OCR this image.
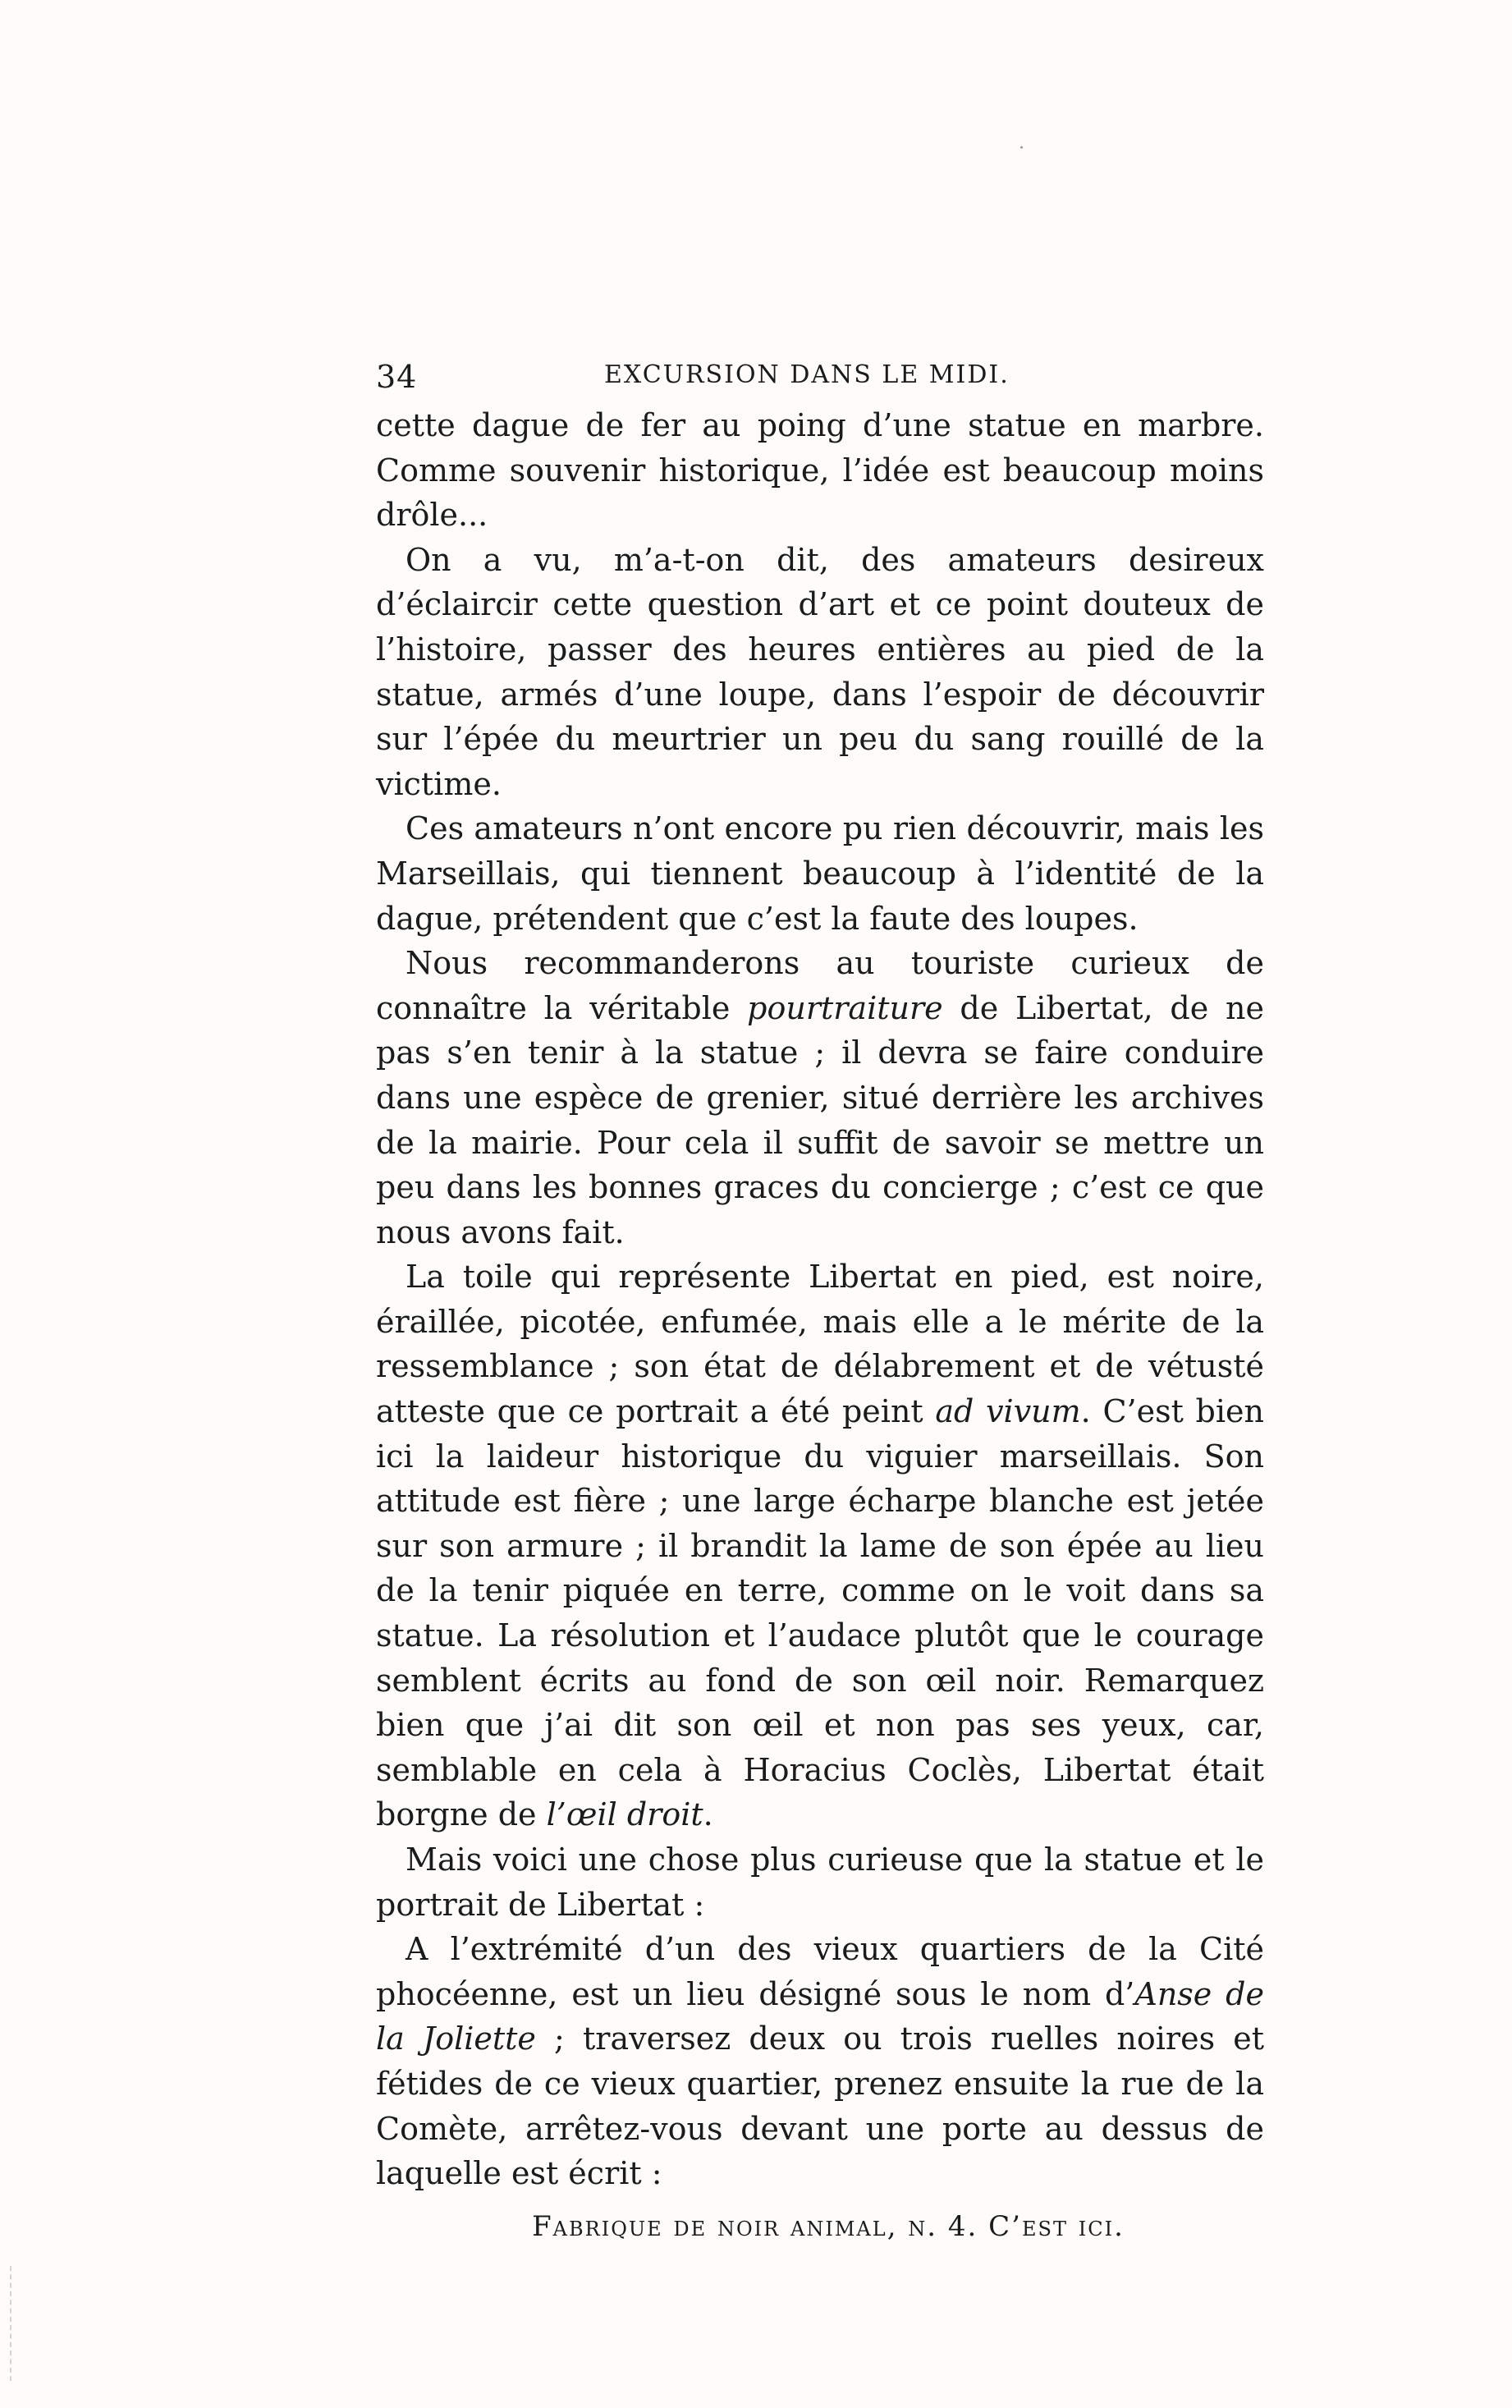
34	EXCURSION DANS LE MIDI.

cette dague de fer au poing d’une statue en marbre. Comme souvenir historique, l’idée est beaucoup moins drôle...

On a vu, m’a-t-on dit, des amateurs desireux d’éclaircir cette question d’art et ce point douteux de l’histoire, passer des heures entières au pied de la statue, armés d’une loupe, dans l’espoir de découvrir sur l’épée du meurtrier un peu du sang rouillé de la victime.

Ces amateurs n’ont encore pu rien découvrir, mais les Marseillais, qui tiennent beaucoup à l’identité de la dague, prétendent que c’est la faute des loupes.

Nous recommanderons au touriste curieux de connaître la véritable pourtraiture de Libertat, de ne pas s’en tenir à la statue ; il devra se faire conduire dans une espèce de grenier, situé derrière les archives de la mairie. Pour cela il suffit de savoir se mettre un peu dans les bonnes graces du concierge ; c’est ce que nous avons fait.

La toile qui représente Libertat en pied, est noire, éraillée, picotée, enfumée, mais elle a le mérite de la ressemblance ; son état de délabrement et de vétusté atteste que ce portrait a été peint ad vivum. C’est bien ici la laideur historique du viguier marseillais. Son attitude est fière ; une large écharpe blanche est jetée sur son armure ; il brandit la lame de son épée au lieu de la tenir piquée en terre, comme on le voit dans sa statue. La résolution et l’audace plutôt que le courage semblent écrits au fond de son œil noir. Remarquez bien que j’ai dit son œil et non pas ses yeux, car, semblable en cela à Horacius Coclès, Libertat était borgne de l’œil droit.

Mais voici une chose plus curieuse que la statue et le portrait de Libertat :

A l’extrémité d’un des vieux quartiers de la Cité phocéenne, est un lieu désigné sous le nom d’Anse de la Joliette ; traversez deux ou trois ruelles noires et fétides de ce vieux quartier, prenez ensuite la rue de la Comète, arrêtez-vous devant une porte au dessus de laquelle est écrit :

Fabrique de noir animal, n. 4. C’est ici.
